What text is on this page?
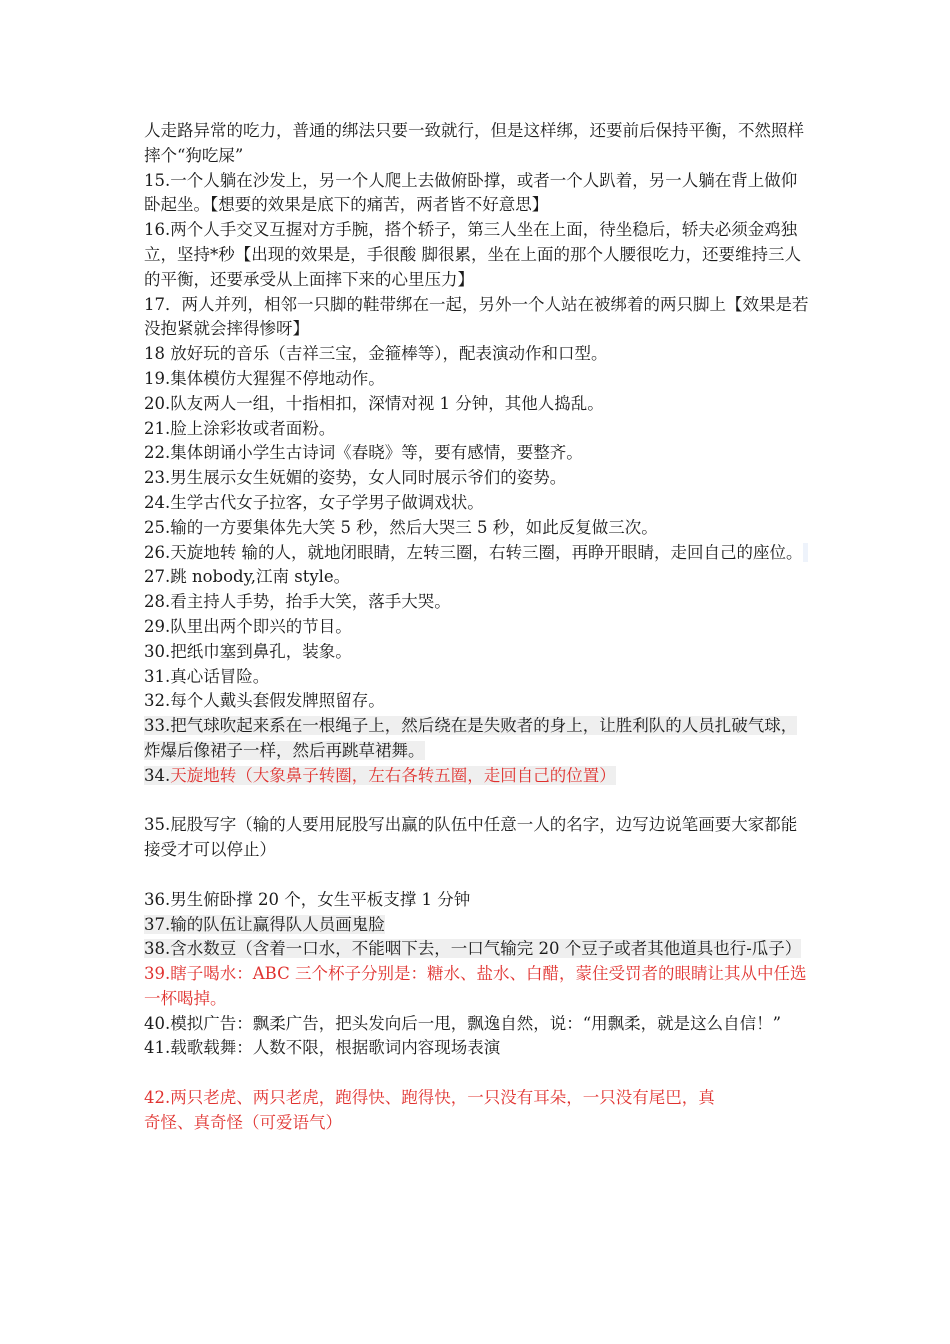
人走路异常的吃力，普通的绑法只要一致就行，但是这样绑，还要前后保持平衡，不然照样摔个“狗吃屎”

15.一个人躺在沙发上，另一个人爬上去做俯卧撑，或者一个人趴着，另一人躺在背上做仰卧起坐。【想要的效果是底下的痛苦，两者皆不好意思】

16.两个人手交叉互握对方手腕，搭个轿子，第三人坐在上面，待坐稳后，轿夫必须金鸡独立，坚持*秒【出现的效果是，手很酸 脚很累，坐在上面的那个人腰很吃力，还要维持三人的平衡，还要承受从上面摔下来的心里压力】

17．两人并列，相邻一只脚的鞋带绑在一起，另外一个人站在被绑着的两只脚上【效果是若没抱紧就会摔得惨呀】

18 放好玩的音乐（吉祥三宝，金箍棒等），配表演动作和口型。

19.集体模仿大猩猩不停地动作。

20.队友两人一组，十指相扣，深情对视 1 分钟，其他人捣乱。

21.脸上涂彩妆或者面粉。

22.集体朗诵小学生古诗词《春晓》等，要有感情，要整齐。

23.男生展示女生妩媚的姿势，女人同时展示爷们的姿势。

24.生学古代女子拉客，女子学男子做调戏状。

25.输的一方要集体先大笑 5 秒，然后大哭三 5 秒，如此反复做三次。

26.天旋地转 输的人，就地闭眼睛，左转三圈，右转三圈，再睁开眼睛，走回自己的座位。​

27.跳 nobody,江南 style。

28.看主持人手势，抬手大笑，落手大哭。

29.队里出两个即兴的节目。

30.把纸巾塞到鼻孔，装象。

31.真心话冒险。

32.每个人戴头套假发牌照留存。

33.把气球吹起来系在一根绳子上，然后绕在是失败者的身上，让胜利队的人员扎破气球，炸爆后像裙子一样，然后再跳草裙舞。

34.天旋地转（大象鼻子转圈，左右各转五圈，走回自己的位置）

35.屁股写字（输的人要用屁股写出赢的队伍中任意一人的名字，边写边说笔画要大家都能接受才可以停止）

36.男生俯卧撑 20 个，女生平板支撑 1 分钟

37.输的队伍让赢得队人员画鬼脸

38.含水数豆（含着一口水，不能咽下去，一口气输完 20 个豆子或者其他道具也行-瓜子）

39.瞎子喝水：ABC 三个杯子分别是：糖水、盐水、白醋，蒙住受罚者的眼睛让其从中任选一杯喝掉。

40.模拟广告：飘柔广告，把头发向后一甩，飘逸自然，说：“用飘柔，就是这么自信！”

41.载歌载舞：人数不限，根据歌词内容现场表演

42.两只老虎、两只老虎，跑得快、跑得快，一只没有耳朵，一只没有尾巴，真

奇怪、真奇怪（可爱语气）
